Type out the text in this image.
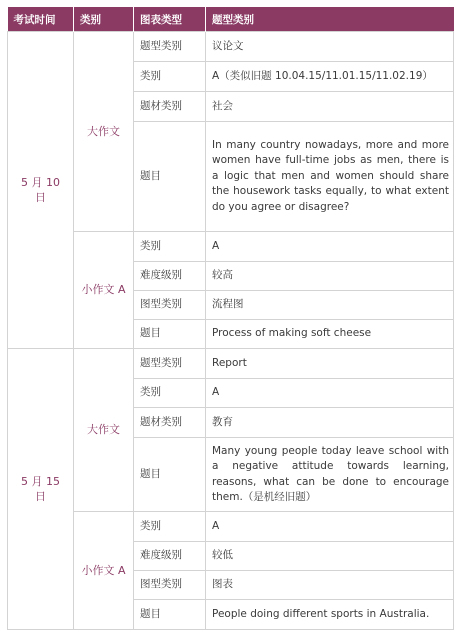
考试时间	类别	图表类型	题型类别
5 月 10 日	大作文	题型类别	议论文
		类别	A（类似旧题 10.04.15/11.01.15/11.02.19）
		题材类别	社会
		题目	In many country nowadays, more and more women have full-time jobs as men, there is a logic that men and women should share the housework tasks equally, to what extent do you agree or disagree?
	小作文 A	类别	A
		难度级别	较高
		图型类别	流程图
		题目	Process of making soft cheese
5 月 15 日	大作文	题型类别	Report
		类别	A
		题材类别	教育
		题目	Many young people today leave school with a negative attitude towards learning, reasons, what can be done to encourage them.（是机经旧题）
	小作文 A	类别	A
		难度级别	较低
		图型类别	图表
		题目	People doing different sports in Australia.
